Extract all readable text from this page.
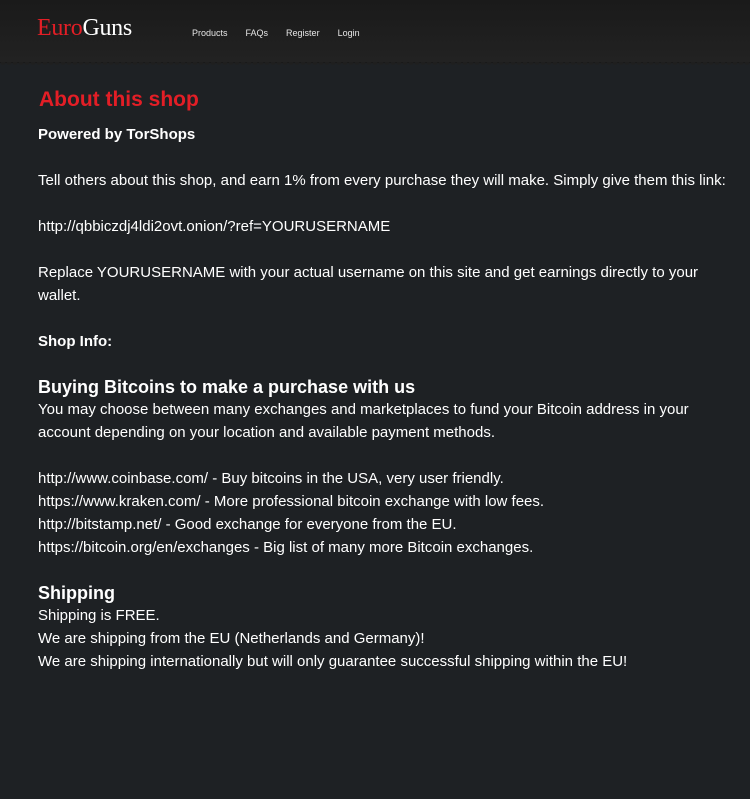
EuroGuns	Products FAQs Register Login
About this shop

Powered by TorShops

Tell others about this shop, and earn 1% from every purchase they will make. Simply give them this link:

http://qbbiczdj4ldi2ovt.onion/?ref=YOURUSERNAME

Replace YOURUSERNAME with your actual username on this site and get earnings directly to your wallet.

Shop Info:

Buying Bitcoins to make a purchase with us

You may choose between many exchanges and marketplaces to fund your Bitcoin address in your account depending on your location and available payment methods.

http://www.coinbase.com/ - Buy bitcoins in the USA, very user friendly.

https://www.kraken.com/ - More professional bitcoin exchange with low fees.

http://bitstamp.net/ - Good exchange for everyone from the EU.

https://bitcoin.org/en/exchanges - Big list of many more Bitcoin exchanges.

Shipping

Shipping is FREE.

We are shipping from the EU (Netherlands and Germany)!

We are shipping internationally but will only guarantee successful shipping within the EU!
